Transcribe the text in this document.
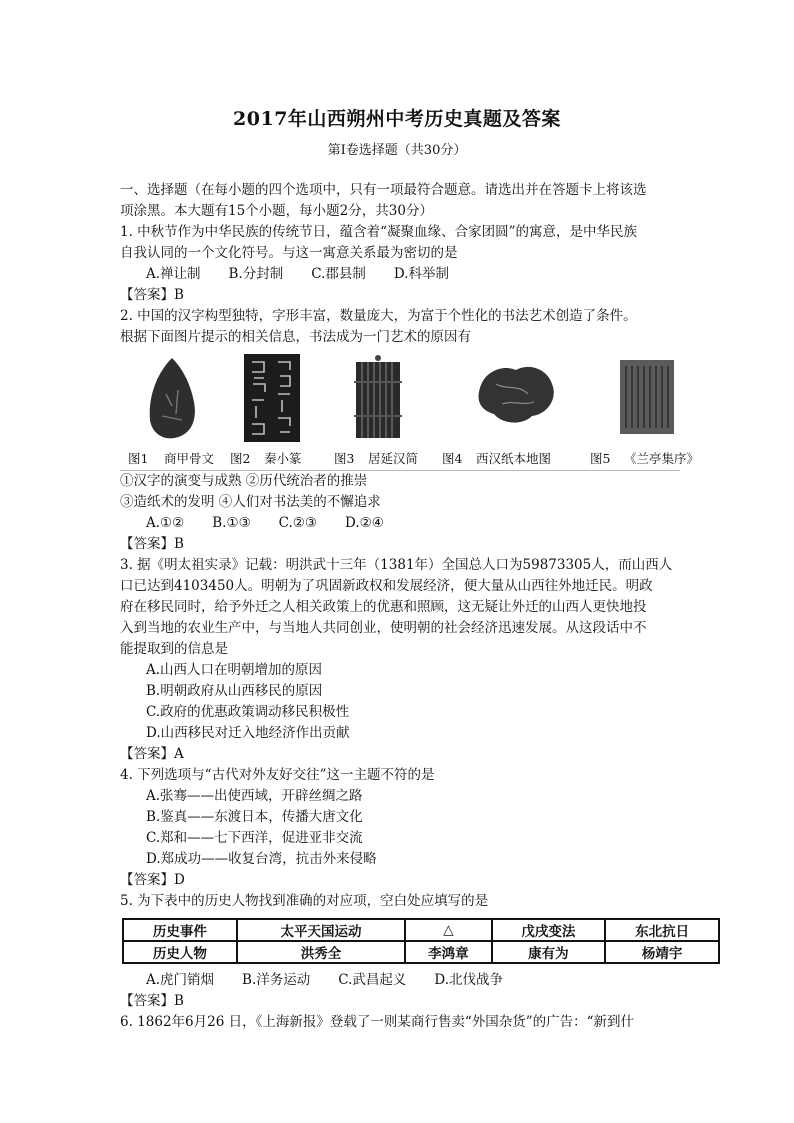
2017年山西朔州中考历史真题及答案
第Ⅰ卷选择题（共30分）
一、选择题（在每小题的四个选项中，只有一项最符合题意。请选出并在答题卡上将该选
项涂黑。本大题有15个小题，每小题2分，共30分）
1. 中秋节作为中华民族的传统节日，蕴含着“凝聚血缘、合家团圆”的寓意，是中华民族
自我认同的一个文化符号。与这一寓意关系最为密切的是
A.禅让制 B.分封制 C.郡县制 D.科举制
【答案】B
2. 中国的汉字构型独特，字形丰富，数量庞大，为富于个性化的书法艺术创造了条件。
根据下面图片提示的相关信息，书法成为一门艺术的原因有
图1 商甲骨文 图2 秦小篆	图3 居延汉简 图4 西汉纸本地图	图5 《兰亭集序》
①汉字的演变与成熟 ②历代统治者的推崇
③造纸术的发明 ④人们对书法美的不懈追求
A.①② B.①③ C.②③ D.②④
【答案】B
3. 据《明太祖实录》记载：明洪武十三年（1381年）全国总人口为59873305人，而山西人
口已达到4103450人。明朝为了巩固新政权和发展经济，便大量从山西往外地迁民。明政
府在移民同时，给予外迁之人相关政策上的优惠和照顾，这无疑让外迁的山西人更快地投
入到当地的农业生产中，与当地人共同创业，使明朝的社会经济迅速发展。从这段话中不
能提取到的信息是
A.山西人口在明朝增加的原因
B.明朝政府从山西移民的原因
C.政府的优惠政策调动移民积极性
D.山西移民对迁入地经济作出贡献
【答案】A
4. 下列选项与“古代对外友好交往”这一主题不符的是
A.张骞——出使西域，开辟丝绸之路
B.鉴真——东渡日本，传播大唐文化
C.郑和——七下西洋，促进亚非交流
D.郑成功——收复台湾，抗击外来侵略
【答案】D
5. 为下表中的历史人物找到准确的对应项，空白处应填写的是
历史事件	太平天国运动	△	戊戌变法	东北抗日
历史人物	洪秀全	李鸿章	康有为	杨靖宇
A.虎门销烟 B.洋务运动 C.武昌起义 D.北伐战争
【答案】B
6. 1862年6月26 日，《上海新报》登载了一则某商行售卖“外国杂货”的广告：“新到什
